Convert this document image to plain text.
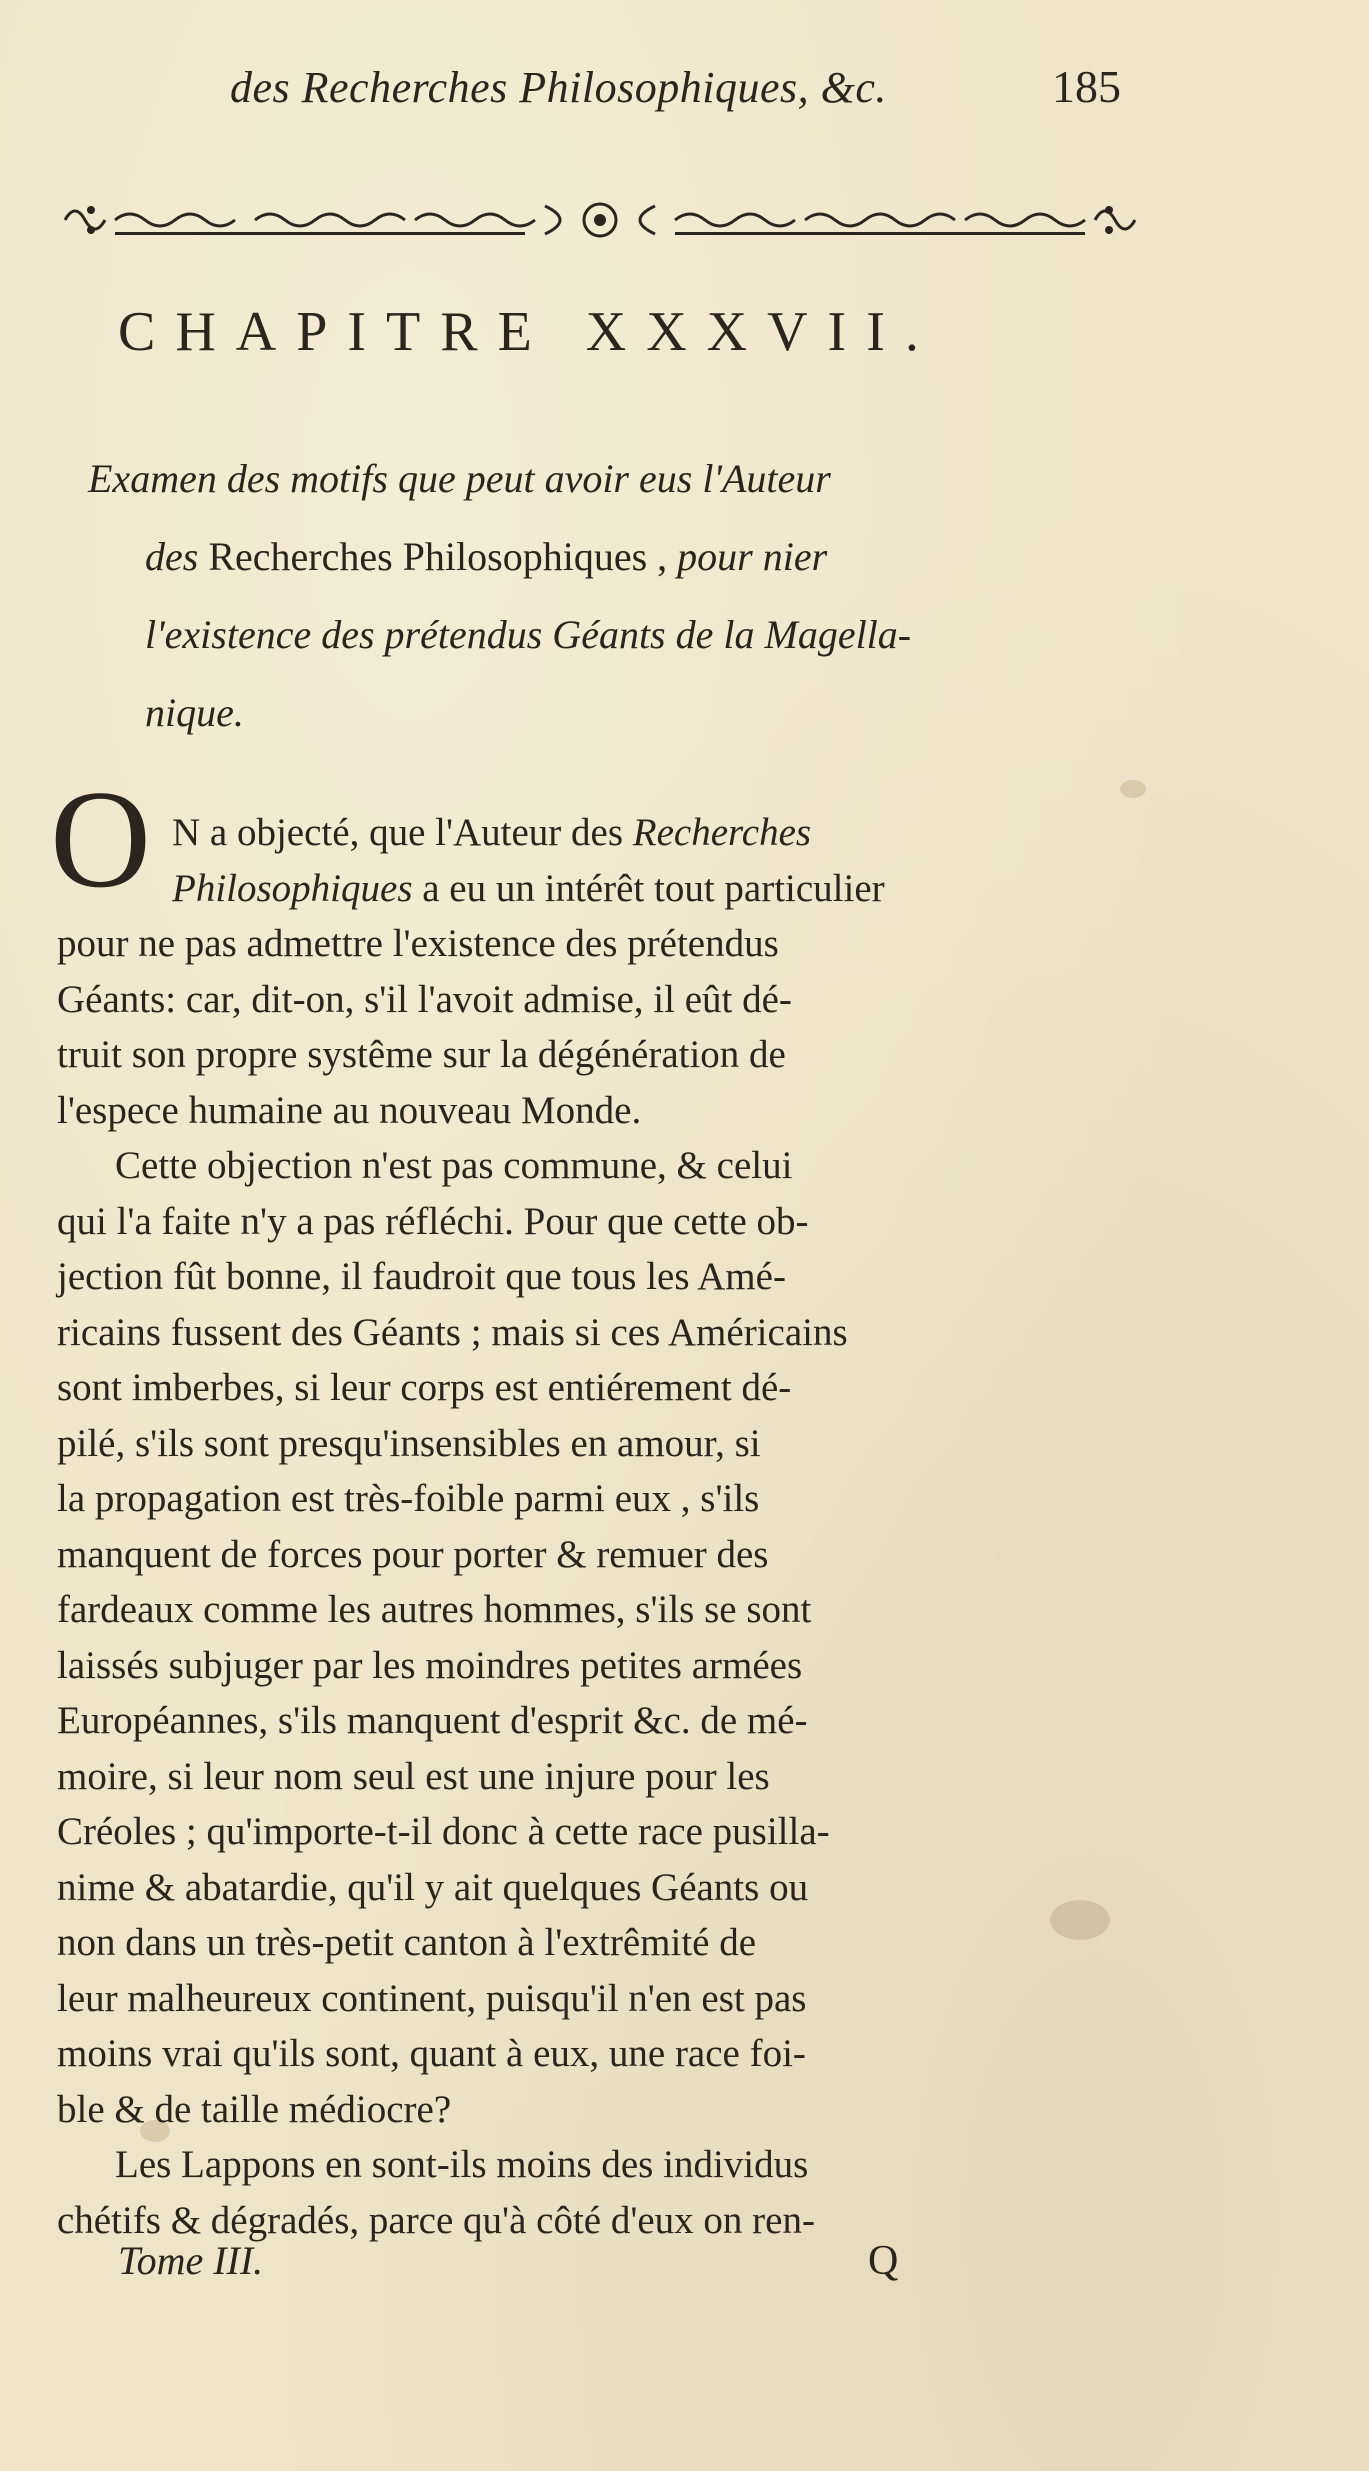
des Recherches Philosophiques, &c.	185
CHAPITRE XXXVII.
Examen des motifs que peut avoir eus l'Auteur
des Recherches Philosophiques , pour nier
l'existence des prétendus Géants de la Magella-
nique.
O N a objecté, que l'Auteur des Recherches
Philosophiques a eu un intérêt tout particulier
pour ne pas admettre l'existence des prétendus
Géants: car, dit-on, s'il l'avoit admise, il eût dé-
truit son propre systême sur la dégénération de
l'espece humaine au nouveau Monde.
Cette objection n'est pas commune, & celui
qui l'a faite n'y a pas réfléchi. Pour que cette ob-
jection fût bonne, il faudroit que tous les Amé-
ricains fussent des Géants ; mais si ces Américains
sont imberbes, si leur corps est entiérement dé-
pilé, s'ils sont presqu'insensibles en amour, si
la propagation est très-foible parmi eux , s'ils
manquent de forces pour porter & remuer des
fardeaux comme les autres hommes, s'ils se sont
laissés subjuger par les moindres petites armées
Européannes, s'ils manquent d'esprit &c. de mé-
moire, si leur nom seul est une injure pour les
Créoles ; qu'importe-t-il donc à cette race pusilla-
nime & abatardie, qu'il y ait quelques Géants ou
non dans un très-petit canton à l'extrêmité de
leur malheureux continent, puisqu'il n'en est pas
moins vrai qu'ils sont, quant à eux, une race foi-
ble & de taille médiocre?
Les Lappons en sont-ils moins des individus
chétifs & dégradés, parce qu'à côté d'eux on ren-
Tome III.	Q
